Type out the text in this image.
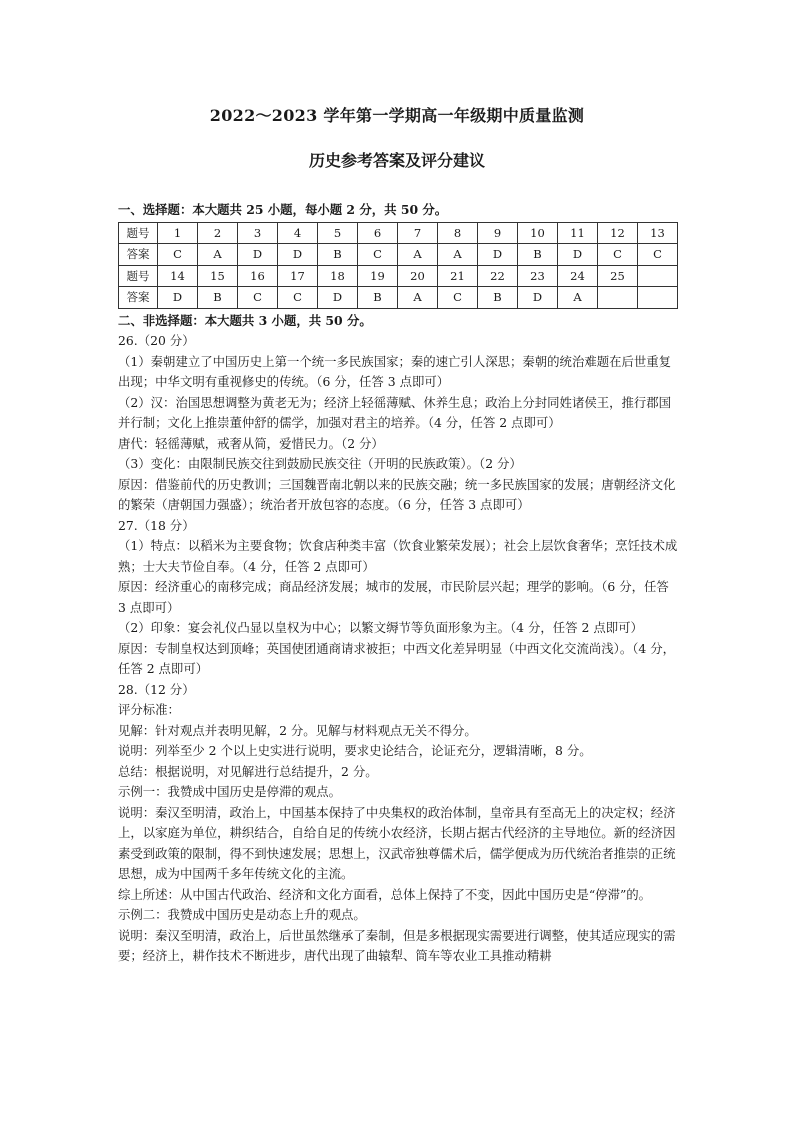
2022～2023 学年第一学期高一年级期中质量监测
历史参考答案及评分建议

一、选择题：本大题共 25 小题，每小题 2 分，共 50 分。

题号	1	2	3	4	5	6	7	8	9	10	11	12	13
答案	C	A	D	D	B	C	A	A	D	B	D	C	C
题号	14	15	16	17	18	19	20	21	22	23	24	25	
答案	D	B	C	C	D	B	A	C	B	D	A		

二、非选择题：本大题共 3 小题，共 50 分。

26.（20 分）

（1）秦朝建立了中国历史上第一个统一多民族国家；秦的速亡引人深思；秦朝的统治难题在后世重复出现；中华文明有重视修史的传统。（6 分，任答 3 点即可）

（2）汉：治国思想调整为黄老无为；经济上轻徭薄赋、休养生息；政治上分封同姓诸侯王，推行郡国并行制；文化上推崇董仲舒的儒学，加强对君主的培养。（4 分，任答 2 点即可）

唐代：轻徭薄赋，戒奢从简，爱惜民力。（2 分）

（3）变化：由限制民族交往到鼓励民族交往（开明的民族政策）。（2 分）

原因：借鉴前代的历史教训；三国魏晋南北朝以来的民族交融；统一多民族国家的发展；唐朝经济文化的繁荣（唐朝国力强盛）；统治者开放包容的态度。（6 分，任答 3 点即可）

27.（18 分）

（1）特点：以稻米为主要食物；饮食店种类丰富（饮食业繁荣发展）；社会上层饮食奢华；烹饪技术成熟；士大夫节俭自奉。（4 分，任答 2 点即可）

原因：经济重心的南移完成；商品经济发展；城市的发展，市民阶层兴起；理学的影响。（6 分，任答 3 点即可）

（2）印象：宴会礼仪凸显以皇权为中心；以繁文缛节等负面形象为主。（4 分，任答 2 点即可）

原因：专制皇权达到顶峰；英国使团通商请求被拒；中西文化差异明显（中西文化交流尚浅）。（4 分，任答 2 点即可）

28.（12 分）

评分标准：

见解：针对观点并表明见解，2 分。见解与材料观点无关不得分。

说明：列举至少 2 个以上史实进行说明，要求史论结合，论证充分，逻辑清晰，8 分。

总结：根据说明，对见解进行总结提升，2 分。

示例一：我赞成中国历史是停滞的观点。

说明：秦汉至明清，政治上，中国基本保持了中央集权的政治体制，皇帝具有至高无上的决定权；经济上，以家庭为单位，耕织结合，自给自足的传统小农经济，长期占据古代经济的主导地位。新的经济因素受到政策的限制，得不到快速发展；思想上，汉武帝独尊儒术后，儒学便成为历代统治者推崇的正统思想，成为中国两千多年传统文化的主流。

综上所述：从中国古代政治、经济和文化方面看，总体上保持了不变，因此中国历史是“停滞”的。

示例二：我赞成中国历史是动态上升的观点。

说明：秦汉至明清，政治上，后世虽然继承了秦制，但是多根据现实需要进行调整，使其适应现实的需要；经济上，耕作技术不断进步，唐代出现了曲辕犁、筒车等农业工具推动精耕
